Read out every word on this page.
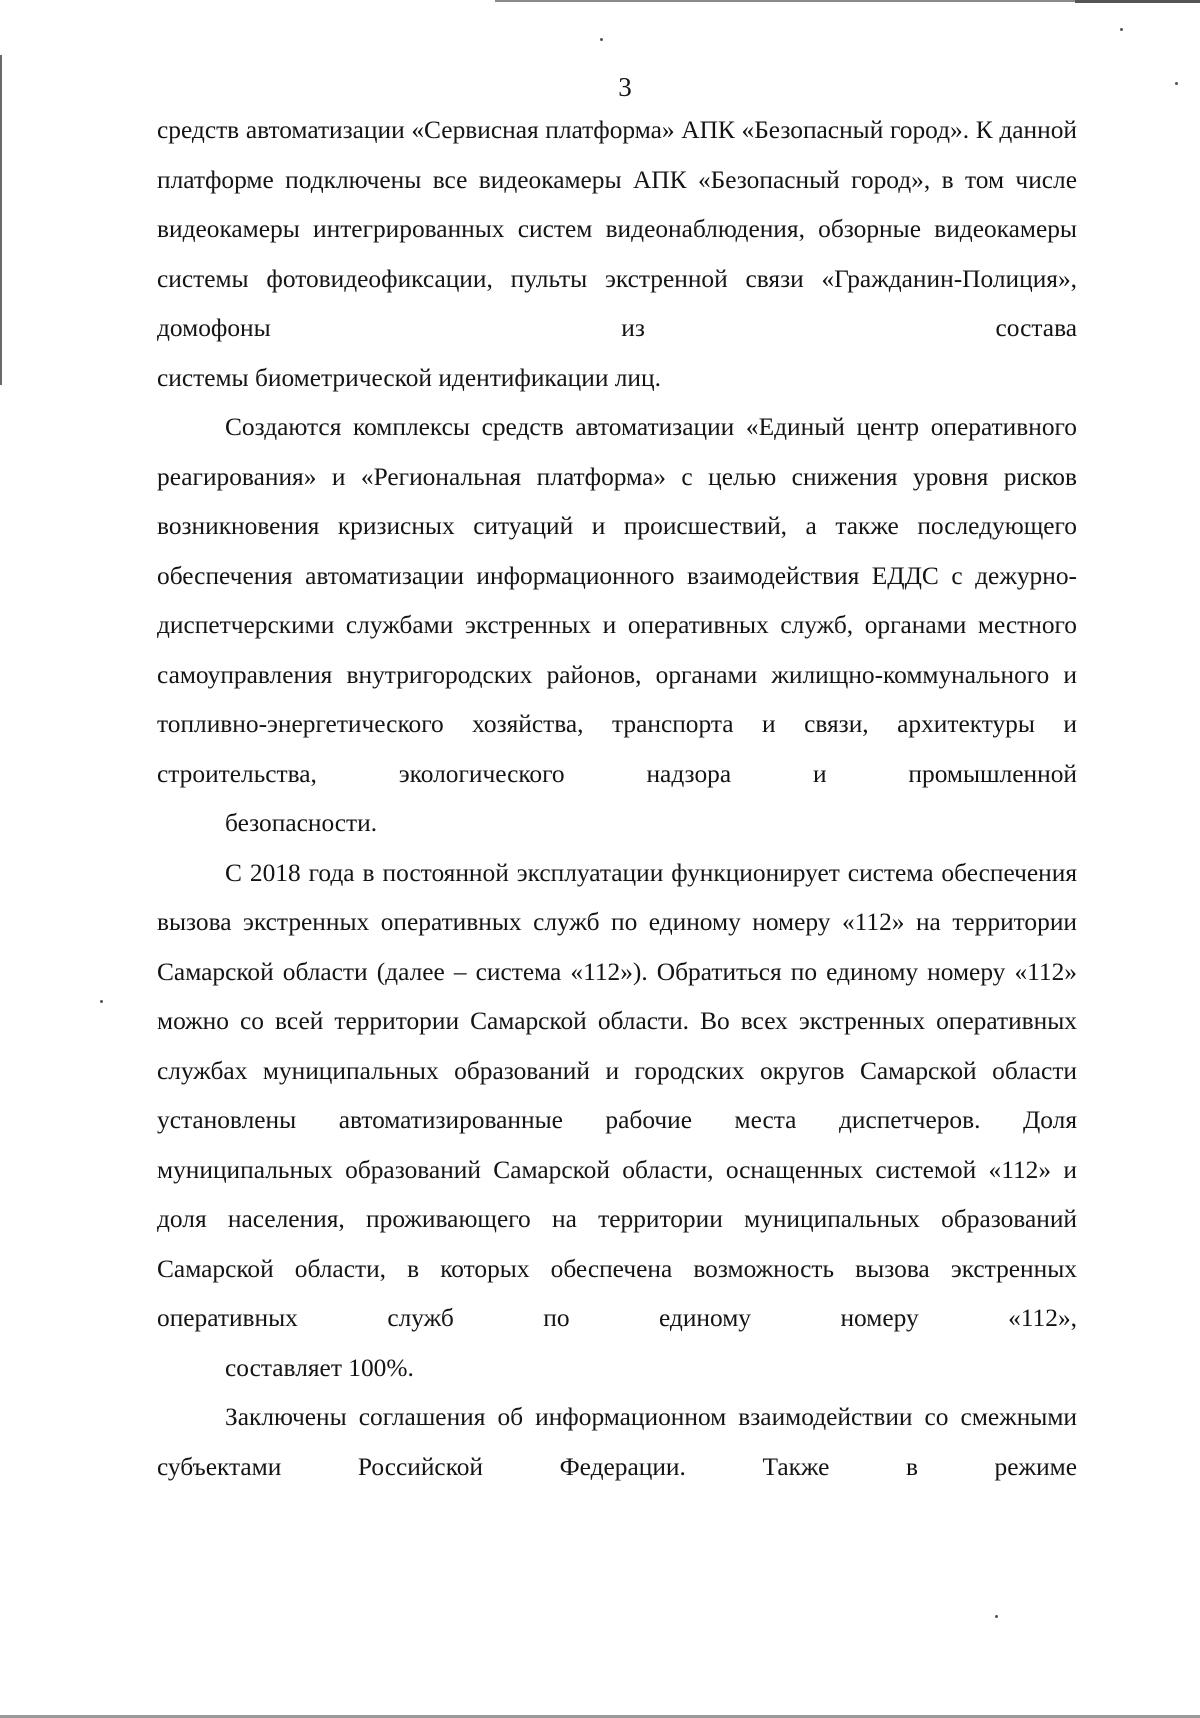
3

средств автоматизации «Сервисная платформа» АПК «Безопасный город». К данной платформе подключены все видеокамеры АПК «Безопасный город», в том числе видеокамеры интегрированных систем видеонаблюдения, обзорные видеокамеры системы фотовидеофиксации, пульты экстренной связи «Гражданин-Полиция», домофоны из состава
системы биометрической идентификации лиц.

Создаются комплексы средств автоматизации «Единый центр оперативного реагирования» и «Региональная платформа» с целью снижения уровня рисков возникновения кризисных ситуаций и происшествий, а также последующего обеспечения автоматизации информационного взаимодействия ЕДДС с дежурно-диспетчерскими службами экстренных и оперативных служб, органами местного самоуправления внутригородских районов, органами жилищно-коммунального и топливно-энергетического хозяйства, транспорта и связи, архитектуры и строительства, экологического надзора и промышленной
безопасности.

С 2018 года в постоянной эксплуатации функционирует система обеспечения вызова экстренных оперативных служб по единому номеру «112» на территории Самарской области (далее – система «112»). Обратиться по единому номеру «112» можно со всей территории Самарской области. Во всех экстренных оперативных службах муниципальных образований и городских округов Самарской области установлены автоматизированные рабочие места диспетчеров. Доля муниципальных образований Самарской области, оснащенных системой «112» и доля населения, проживающего на территории муниципальных образований Самарской области, в которых обеспечена возможность вызова экстренных оперативных служб по единому номеру «112»,
составляет 100%.

Заключены соглашения об информационном взаимодействии со смежными субъектами Российской Федерации. Также в режиме
